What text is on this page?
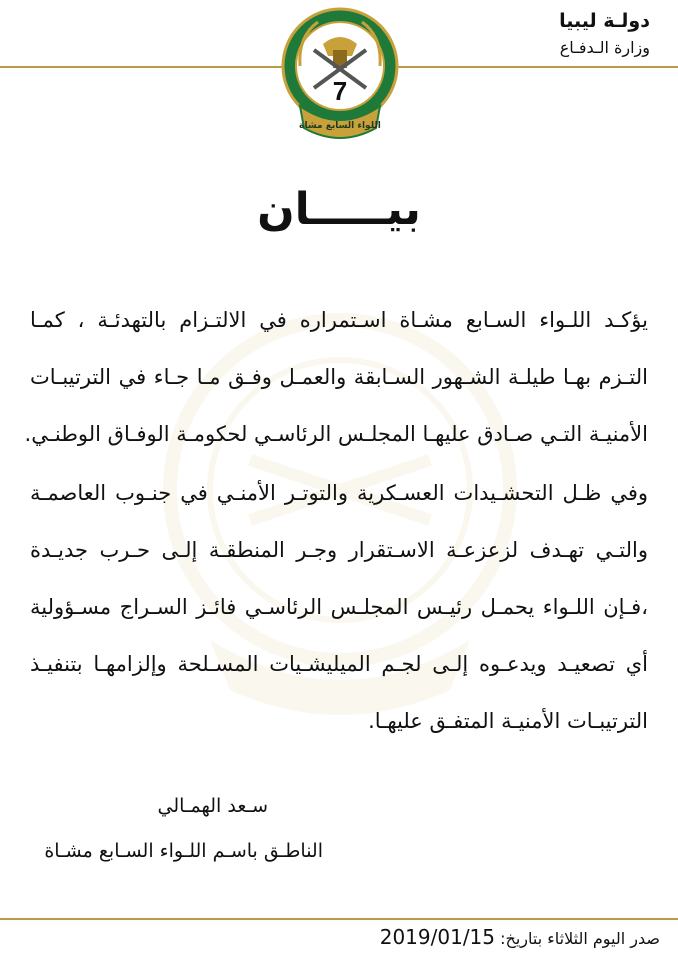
دولـة ليبيا
وزارة الـدفـاع
7
اللواء السابع مشاة
بيـــــان
يؤكـد اللـواء السـابع مشـاة اسـتمراره في الالتـزام بالتهدئـة ، كمـا
التـزم بهـا طيلـة الشـهور السـابقة والعمـل وفـق مـا جـاء في الترتيبـات
الأمنيـة التـي صـادق عليهـا المجلـس الرئاسـي لحكومـة الوفـاق الوطنـي.
وفي ظـل التحشـيدات العسـكرية والتوتـر الأمنـي في جنـوب العاصمـة
والتـي تهـدف لزعزعـة الاسـتقرار وجـر المنطقـة إلـى حـرب جديـدة
،فـإن اللـواء يحمـل رئيـس المجلـس الرئاسـي فائـز السـراج مسـؤولية
أي تصعيـد ويدعـوه إلـى لجـم الميليشـيات المسـلحة وإلزامهـا بتنفيـذ
الترتيبـات الأمنيـة المتفـق عليهـا.
سـعد الهمـالي
الناطـق باسـم اللـواء السـابع مشـاة
صدر اليوم الثلاثاء بتاريخ: 2019/01/15
